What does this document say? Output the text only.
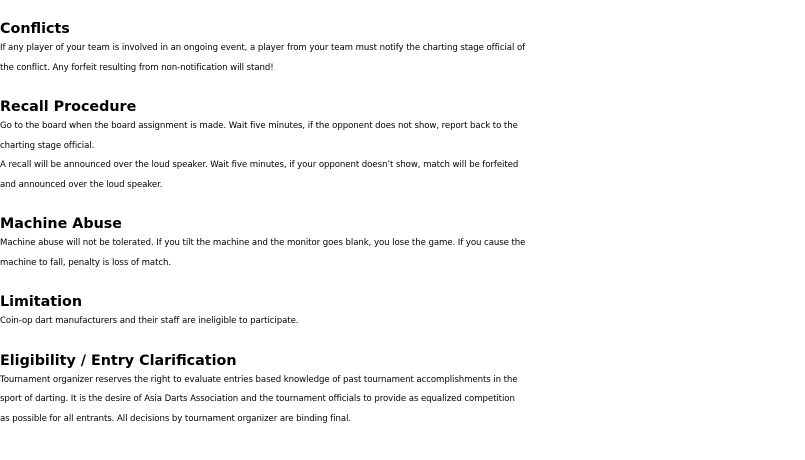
Conflicts
If any player of your team is involved in an ongoing event, a player from your team must notify the charting stage official of
the conflict. Any forfeit resulting from non-notification will stand!
Recall Procedure
Go to the board when the board assignment is made. Wait five minutes, if the opponent does not show, report back to the
charting stage official.
A recall will be announced over the loud speaker. Wait five minutes, if your opponent doesn’t show, match will be forfeited
and announced over the loud speaker.
Machine Abuse
Machine abuse will not be tolerated. If you tilt the machine and the monitor goes blank, you lose the game. If you cause the
machine to fall, penalty is loss of match.
Limitation
Coin-op dart manufacturers and their staff are ineligible to participate.
Eligibility / Entry Clarification
Tournament organizer reserves the right to evaluate entries based knowledge of past tournament accomplishments in the
sport of darting. It is the desire of Asia Darts Association and the tournament officials to provide as equalized competition
as possible for all entrants. All decisions by tournament organizer are binding final.
